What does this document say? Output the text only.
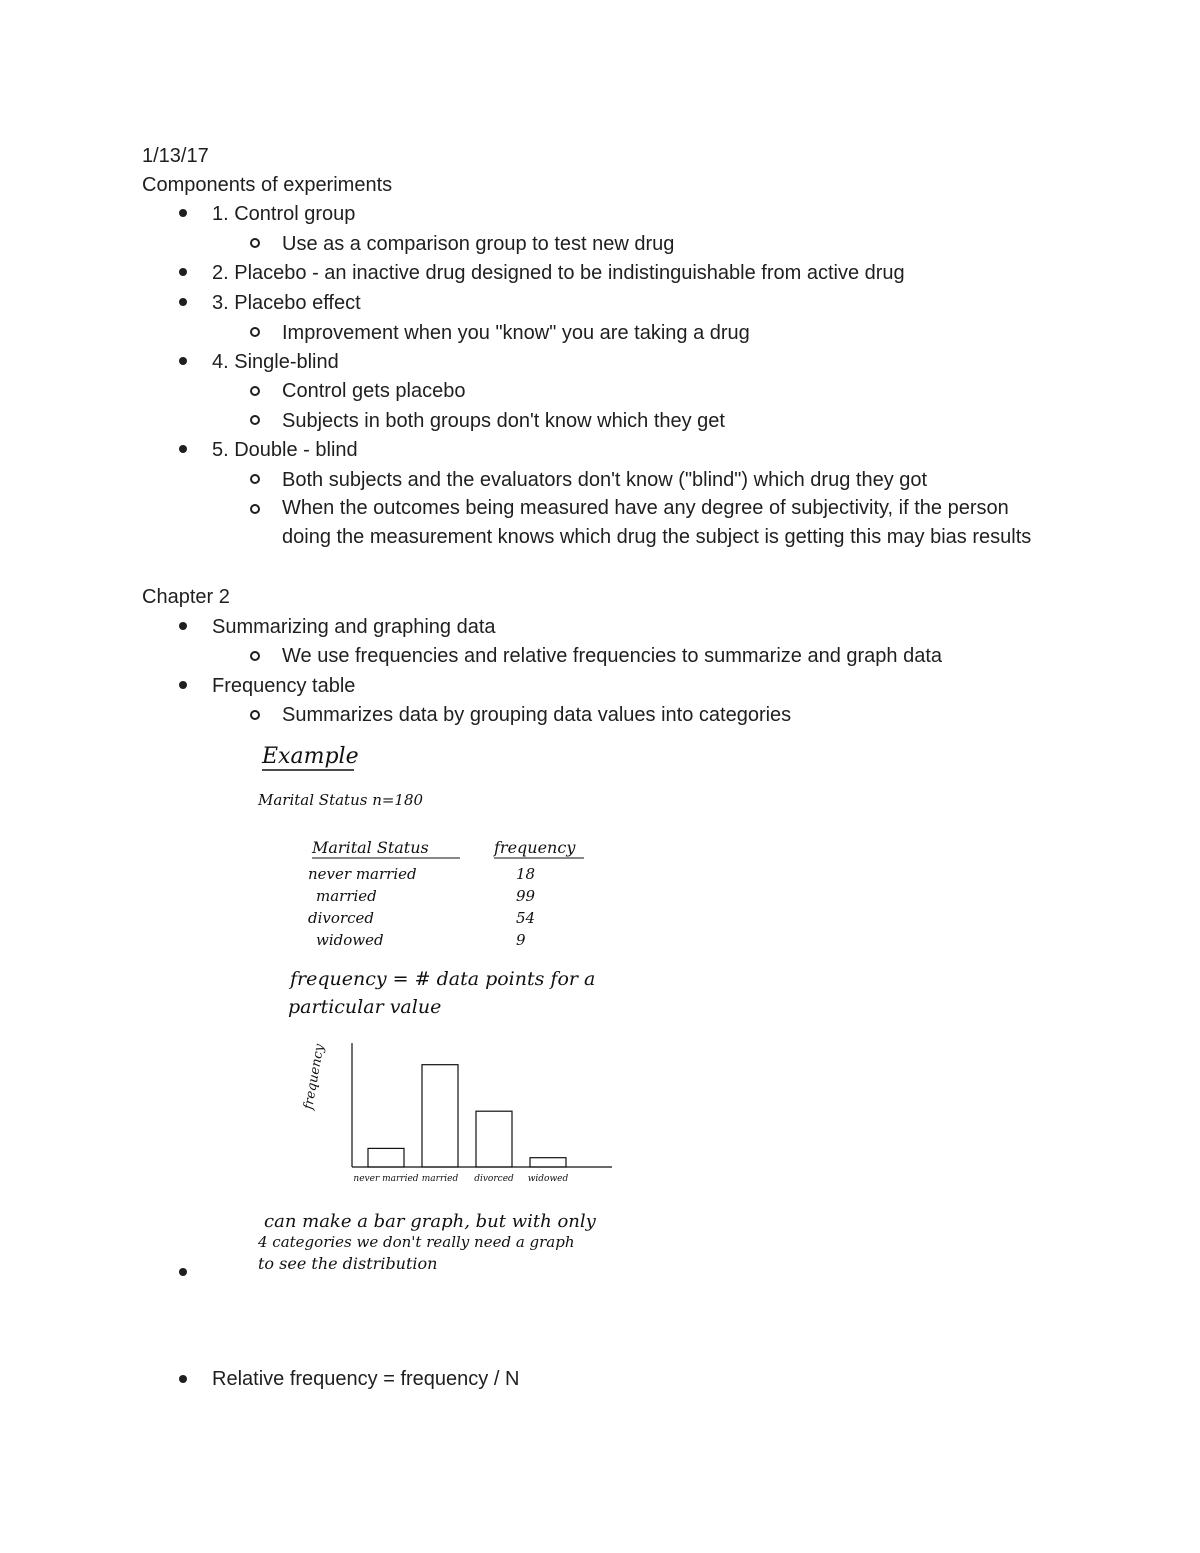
1/13/17
Components of experiments
1. Control group
Use as a comparison group to test new drug
2. Placebo - an inactive drug designed to be indistinguishable from active drug
3. Placebo effect
Improvement when you "know" you are taking a drug
4. Single-blind
Control gets placebo
Subjects in both groups don't know which they get
5. Double - blind
Both subjects and the evaluators don't know ("blind") which drug they got
When the outcomes being measured have any degree of subjectivity, if the person doing the measurement knows which drug the subject is getting this may bias results
Chapter 2
Summarizing and graphing data
We use frequencies and relative frequencies to summarize and graph data
Frequency table
Summarizes data by grouping data values into categories
Example
Marital Status n=180
Marital Status	frequency
never married	18
married	99
divorced	54
widowed	9
frequency = # data points for a
particular value
frequency
never married married divorced widowed
can make a bar graph, but with only
4 categories we don't really need a graph
to see the distribution
Relative frequency = frequency / N
